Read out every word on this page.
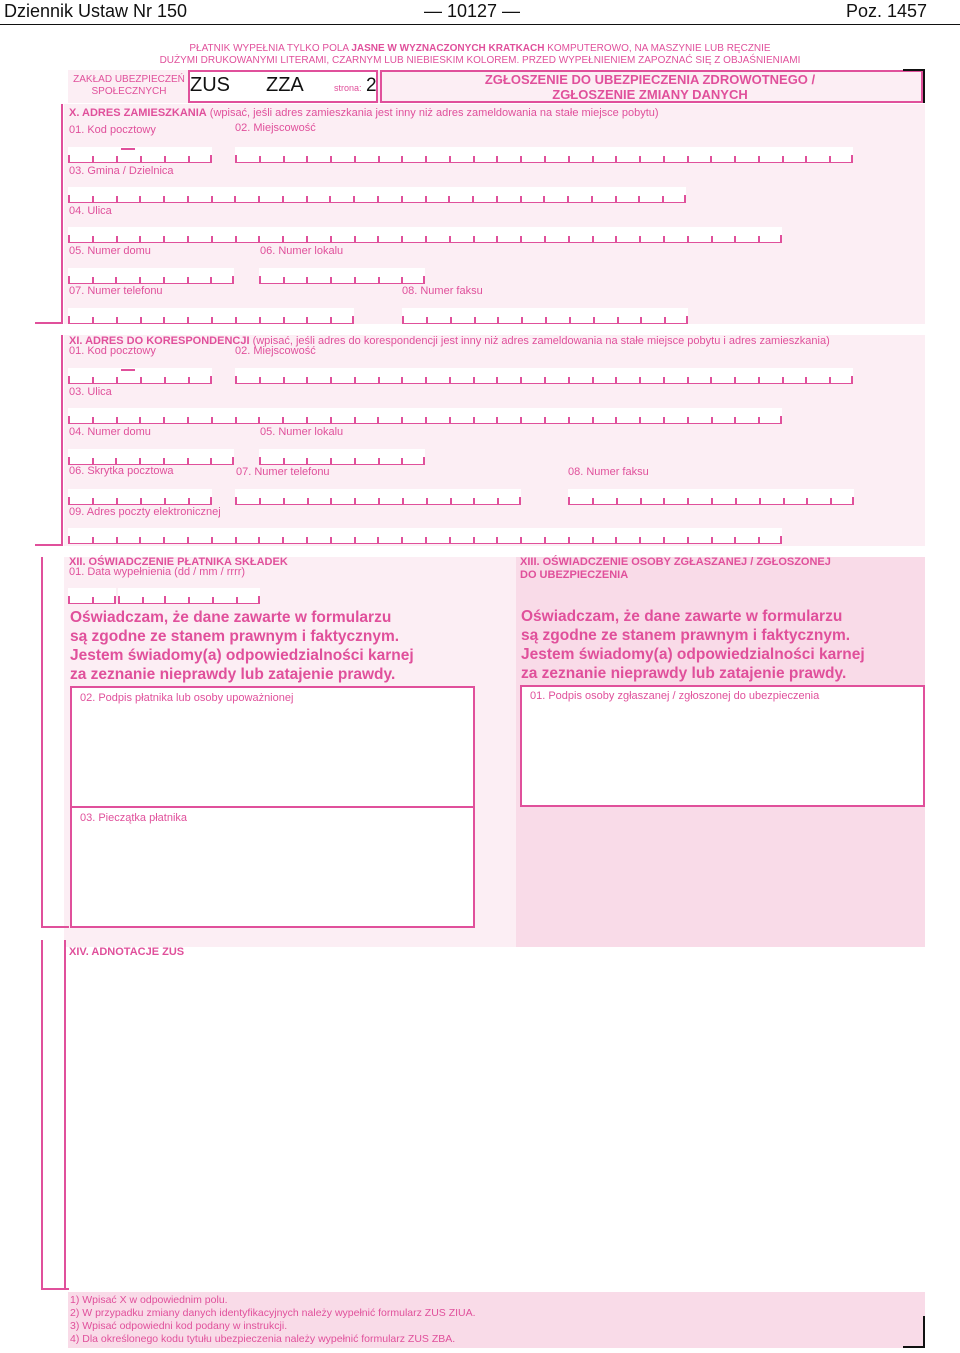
Dziennik Ustaw Nr 150	— 10127 —	Poz. 1457
PŁATNIK WYPEŁNIA TYLKO POLA JASNE W WYZNACZONYCH KRATKACH KOMPUTEROWO, NA MASZYNIE LUB RĘCZNIE
DUŻYMI DRUKOWANYMI LITERAMI, CZARNYM LUB NIEBIESKIM KOLOREM. PRZED WYPEŁNIENIEM ZAPOZNAĆ SIĘ Z OBJAŚNIENIAMI
ZAKŁAD UBEZPIECZEŃ
SPOŁECZNYCH	ZUS ZZA	strona: 2	ZGŁOSZENIE DO UBEZPIECZENIA ZDROWOTNEGO /
ZGŁOSZENIE ZMIANY DANYCH
X. ADRES ZAMIESZKANIA (wpisać, jeśli adres zamieszkania jest inny niż adres zameldowania na stałe miejsce pobytu)
01. Kod pocztowy	02. Miejscowość
03. Gmina / Dzielnica
04. Ulica
05. Numer domu	06. Numer lokalu
07. Numer telefonu	08. Numer faksu
XI. ADRES DO KORESPONDENCJI (wpisać, jeśli adres do korespondencji jest inny niż adres zameldowania na stałe miejsce pobytu i adres zamieszkania)
01. Kod pocztowy	02. Miejscowość
03. Ulica
04. Numer domu	05. Numer lokalu
06. Skrytka pocztowa	07. Numer telefonu	08. Numer faksu
09. Adres poczty elektronicznej
XII. OŚWIADCZENIE PŁATNIKA SKŁADEK
01. Data wypełnienia (dd / mm / rrrr)
Oświadczam, że dane zawarte w formularzu
są zgodne ze stanem prawnym i faktycznym.
Jestem świadomy(a) odpowiedzialności karnej
za zeznanie nieprawdy lub zatajenie prawdy.
02. Podpis płatnika lub osoby upoważnionej
03. Pieczątka płatnika
XIII. OŚWIADCZENIE OSOBY ZGŁASZANEJ / ZGŁOSZONEJ
DO UBEZPIECZENIA
Oświadczam, że dane zawarte w formularzu
są zgodne ze stanem prawnym i faktycznym.
Jestem świadomy(a) odpowiedzialności karnej
za zeznanie nieprawdy lub zatajenie prawdy.
01. Podpis osoby zgłaszanej / zgłoszonej do ubezpieczenia
XIV. ADNOTACJE ZUS
1) Wpisać X w odpowiednim polu.
2) W przypadku zmiany danych identyfikacyjnych należy wypełnić formularz ZUS ZIUA.
3) Wpisać odpowiedni kod podany w instrukcji.
4) Dla określonego kodu tytułu ubezpieczenia należy wypełnić formularz ZUS ZBA.
